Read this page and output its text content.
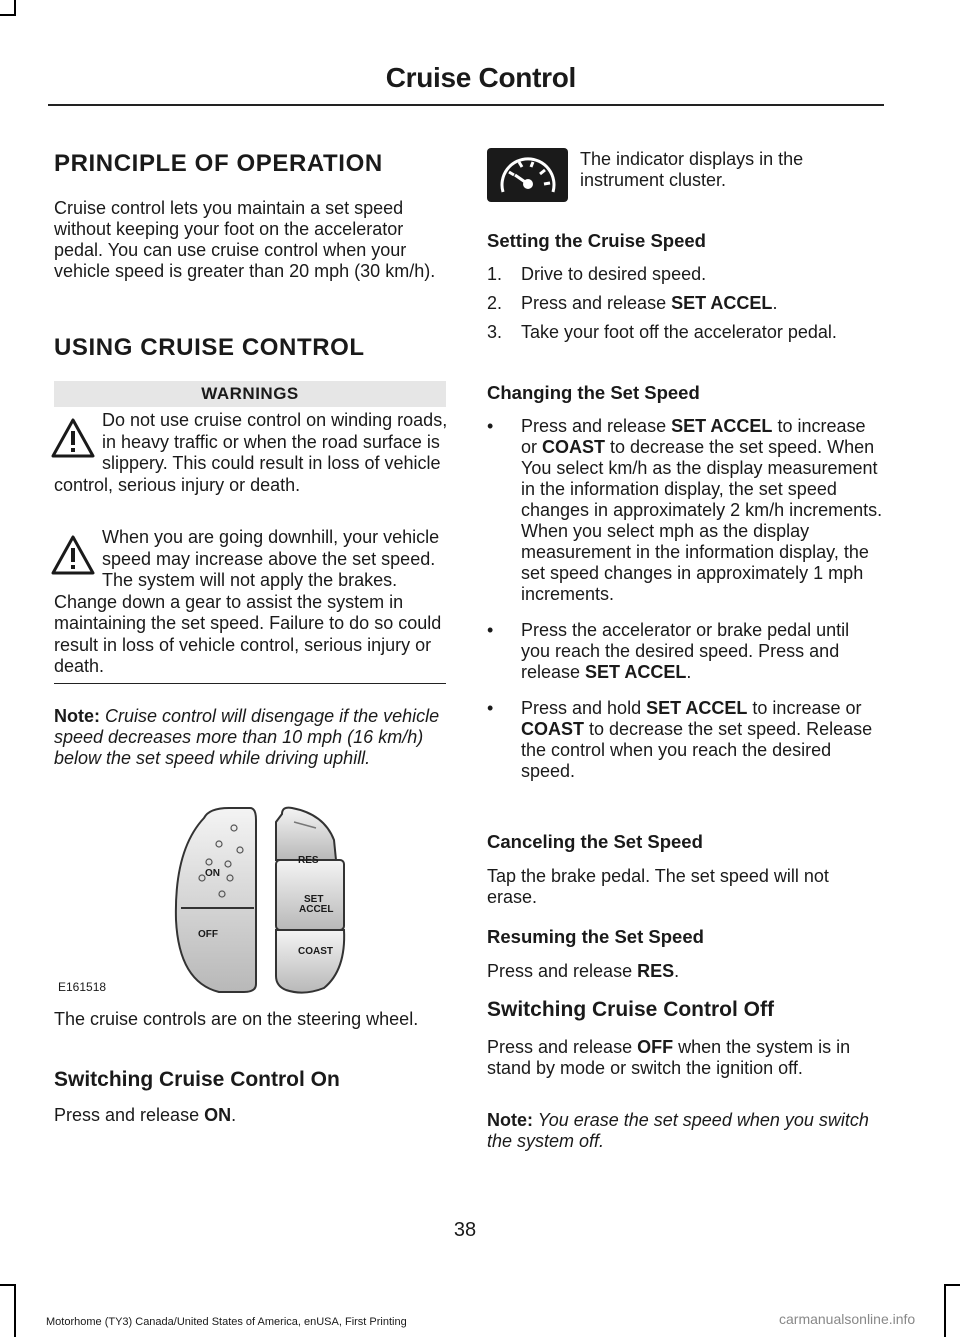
Cruise Control
PRINCIPLE OF OPERATION

Cruise control lets you maintain a set speed without keeping your foot on the accelerator pedal. You can use cruise control when your vehicle speed is greater than 20 mph (30 km/h).

USING CRUISE CONTROL
WARNINGS
Do not use cruise control on winding roads, in heavy traffic or when the road surface is slippery. This could result in loss of vehicle control, serious injury or death.
When you are going downhill, your vehicle speed may increase above the set speed. The system will not apply the brakes. Change down a gear to assist the system in maintaining the set speed. Failure to do so could result in loss of vehicle control, serious injury or death.
Note: Cruise control will disengage if the vehicle speed decreases more than 10 mph (16 km/h) below the set speed while driving uphill.
ON
OFF
RES
SET
ACCEL
COAST
E161518

The cruise controls are on the steering wheel.

Switching Cruise Control On

Press and release ON.

The indicator displays in the instrument cluster.

Setting the Cruise Speed
1. Drive to desired speed.
2. Press and release SET ACCEL.
3. Take your foot off the accelerator pedal.
Changing the Set Speed
• Press and release SET ACCEL to increase or COAST to decrease the set speed. When You select km/h as the display measurement in the information display, the set speed changes in approximately 2 km/h increments. When you select mph as the display measurement in the information display, the set speed changes in approximately 1 mph increments.
• Press the accelerator or brake pedal until you reach the desired speed. Press and release SET ACCEL.
• Press and hold SET ACCEL to increase or COAST to decrease the set speed. Release the control when you reach the desired speed.
Canceling the Set Speed

Tap the brake pedal. The set speed will not erase.

Resuming the Set Speed

Press and release RES.

Switching Cruise Control Off

Press and release OFF when the system is in stand by mode or switch the ignition off.

Note: You erase the set speed when you switch the system off.
38
Motorhome (TY3) Canada/United States of America, enUSA, First Printing	carmanualsonline.info
